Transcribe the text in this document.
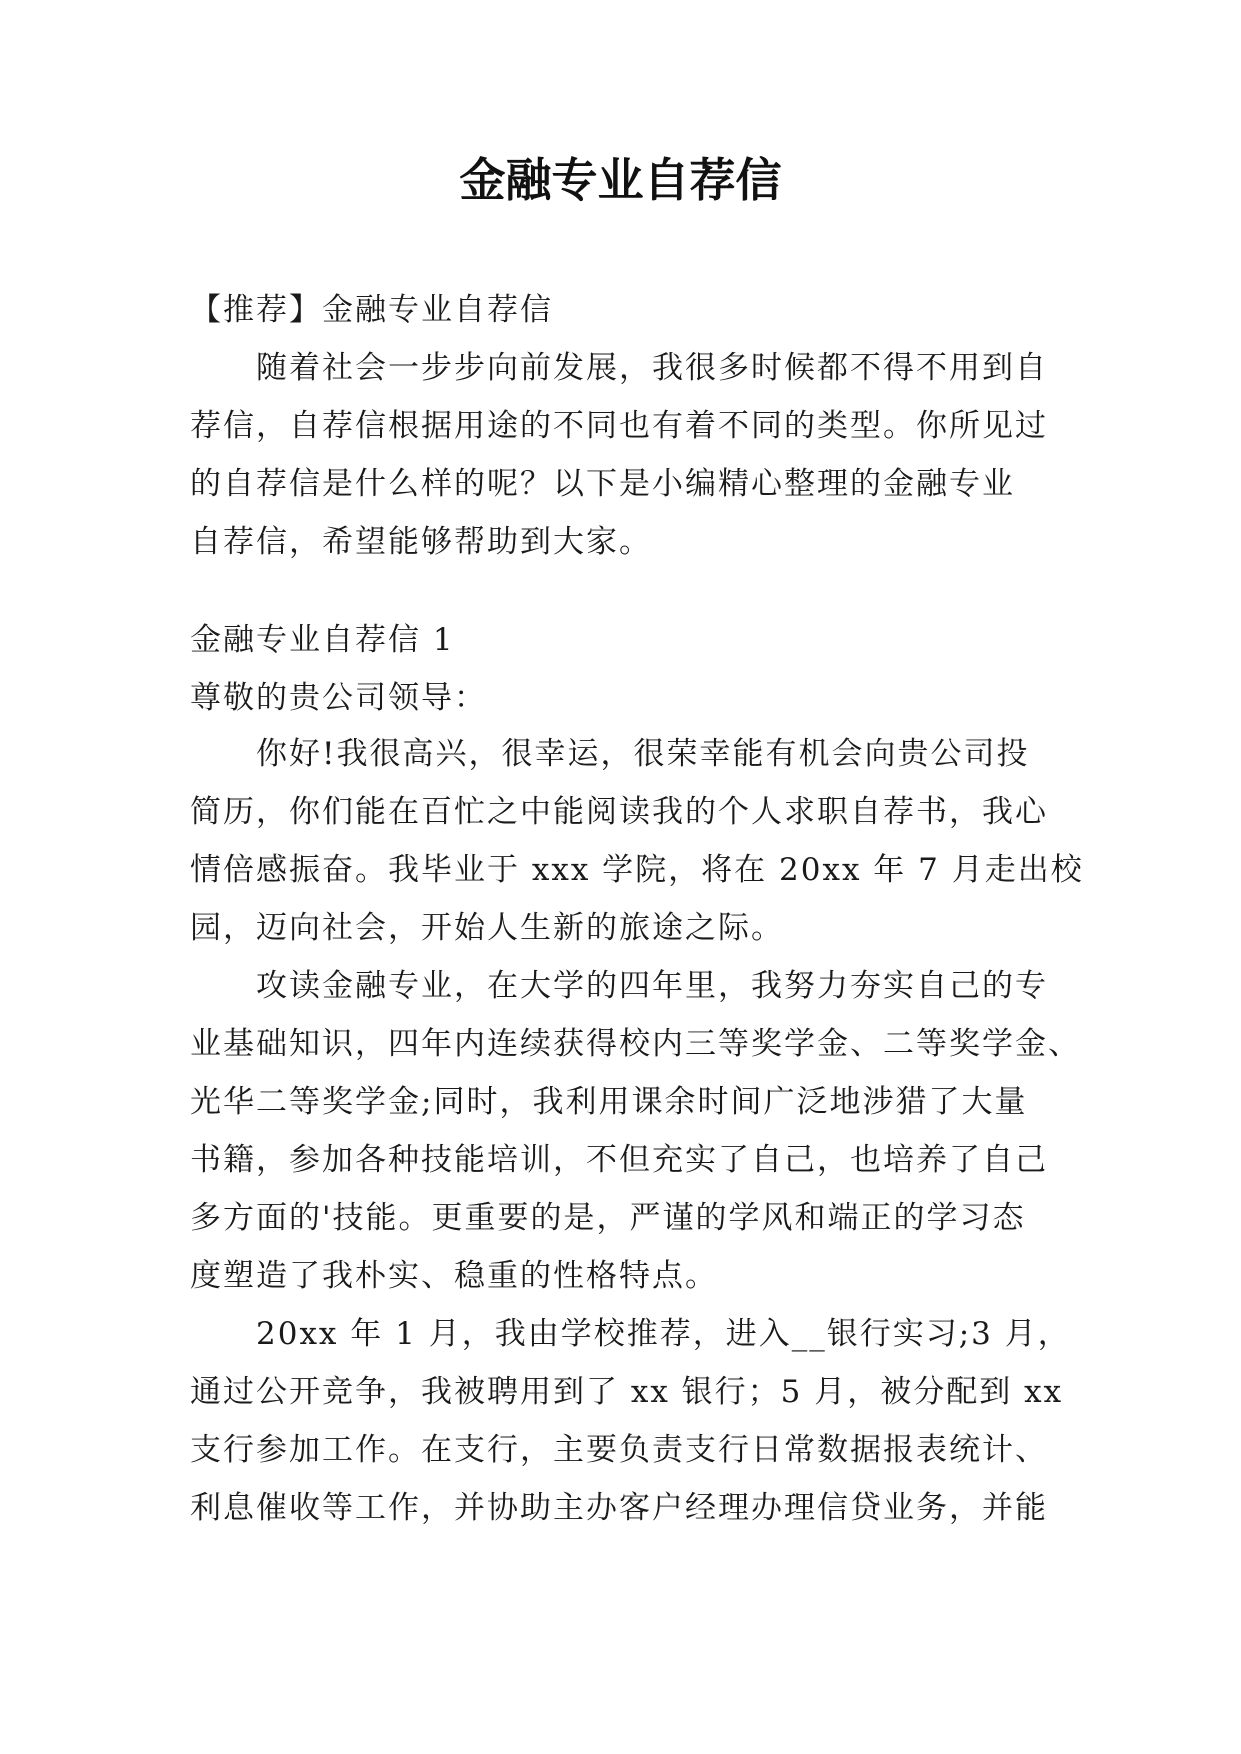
金融专业自荐信
【推荐】金融专业自荐信
随着社会一步步向前发展，我很多时候都不得不用到自
荐信，自荐信根据用途的不同也有着不同的类型。你所见过
的自荐信是什么样的呢？以下是小编精心整理的金融专业
自荐信，希望能够帮助到大家。
金融专业自荐信 1
尊敬的贵公司领导：
你好!我很高兴，很幸运，很荣幸能有机会向贵公司投
简历，你们能在百忙之中能阅读我的个人求职自荐书，我心
情倍感振奋。我毕业于 xxx 学院，将在 20xx 年 7 月走出校
园，迈向社会，开始人生新的旅途之际。
攻读金融专业，在大学的四年里，我努力夯实自己的专
业基础知识，四年内连续获得校内三等奖学金、二等奖学金、
光华二等奖学金;同时，我利用课余时间广泛地涉猎了大量
书籍，参加各种技能培训，不但充实了自己，也培养了自己
多方面的'技能。更重要的是，严谨的学风和端正的学习态
度塑造了我朴实、稳重的性格特点。
20xx 年 1 月，我由学校推荐，进入__银行实习;3 月，
通过公开竞争，我被聘用到了 xx 银行；5 月，被分配到 xx
支行参加工作。在支行，主要负责支行日常数据报表统计、
利息催收等工作，并协助主办客户经理办理信贷业务，并能
